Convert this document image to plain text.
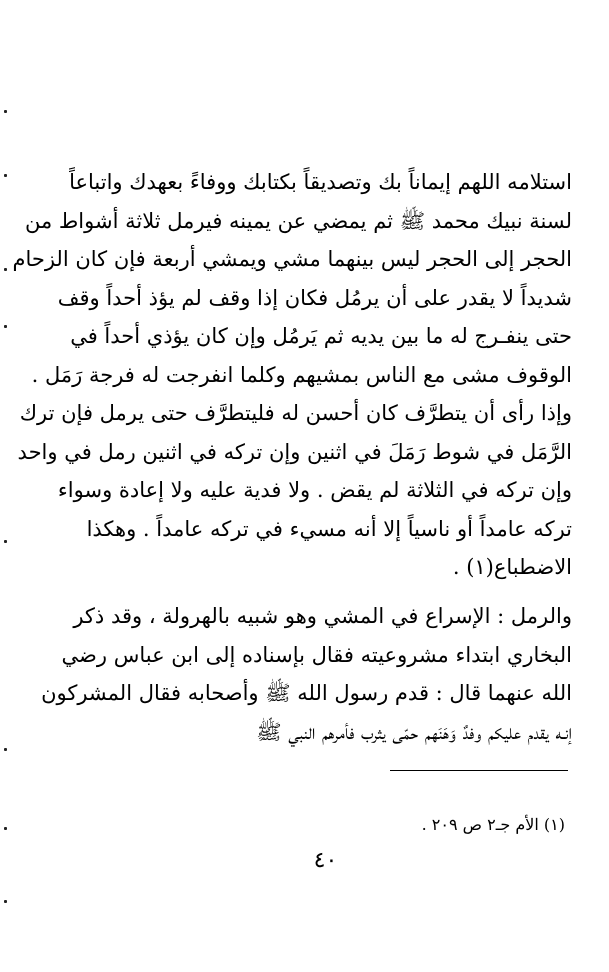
استلامه اللهم إيماناً بك وتصديقاً بكتابك ووفاءً بعهدك واتباعاً
لسنة نبيك محمد ﷺ ثم يمضي عن يمينه فيرمل ثلاثة أشواط من
الحجر إلى الحجر ليس بينهما مشي ويمشي أربعة فإن كان الزحام
شديداً لا يقدر على أن يرمُل فكان إذا وقف لم يؤذ أحداً وقف
حتى ينفـرج له ما بين يديه ثم يَرمُل وإن كان يؤذي أحداً في
الوقوف مشى مع الناس بمشيهم وكلما انفرجت له فرجة رَمَل .
وإذا رأى أن يتطرَّف كان أحسن له فليتطرَّف حتى يرمل فإن ترك
الرَّمَل في شوط رَمَلَ في اثنين وإن تركه في اثنين رمل في واحد
وإن تركه في الثلاثة لم يقض . ولا فدية عليه ولا إعادة وسواء
تركه عامداً أو ناسياً إلا أنه مسيء في تركه عامداً . وهكذا
الاضطباع(١) .
والرمل : الإسراع في المشي وهو شبيه بالهرولة ، وقد ذكر
البخاري ابتداء مشروعيته فقال بإسناده إلى ابن عباس رضي
الله عنهما قال : قدم رسول الله ﷺ وأصحابه فقال المشركون
إنـه يقدم عليكم وفدٌ وَهَنَهم حمّى يثرب فأمرهم النبي ﷺ
(١) الأم جـ٢ ص ٢٠٩ .
٤٠
